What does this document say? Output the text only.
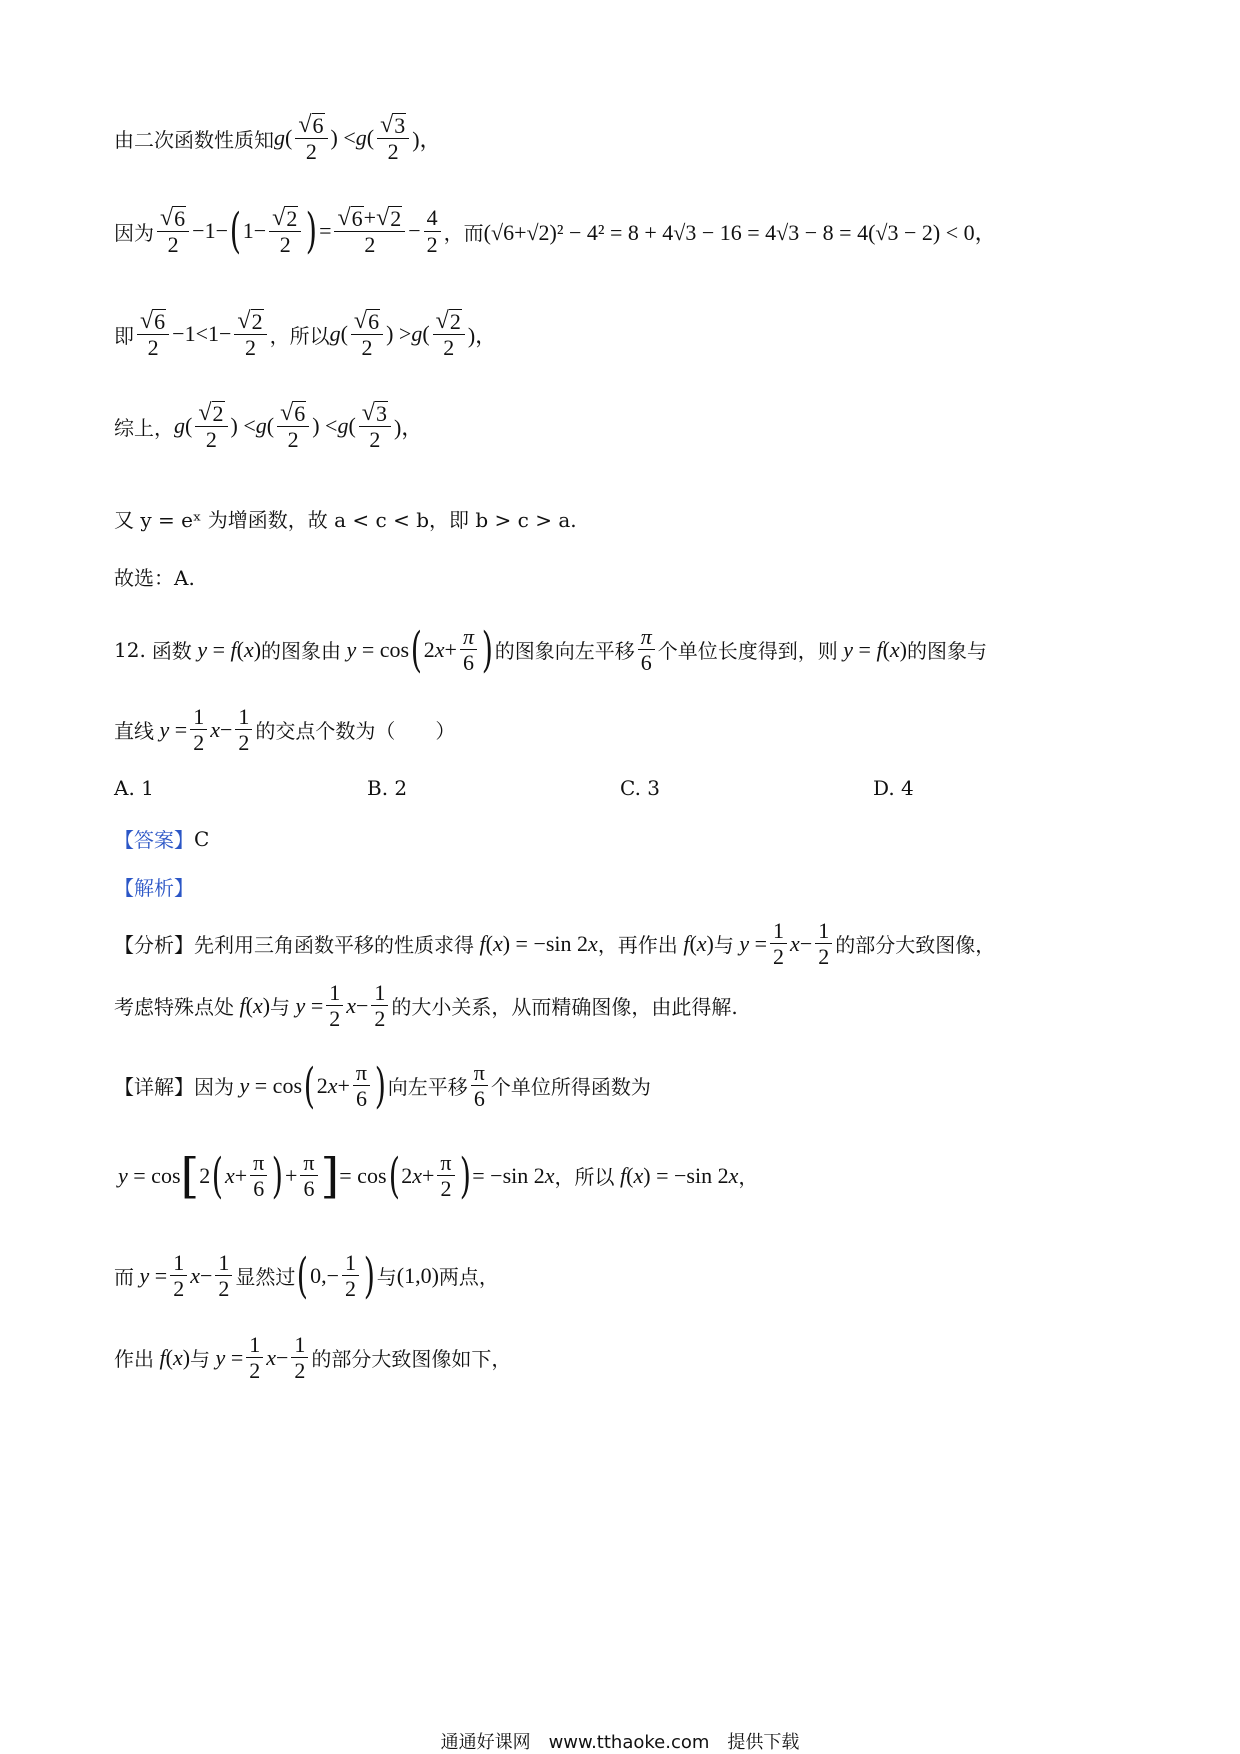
由二次函数性质知 g ( $\frac{√ 6}{2}$ ) < g ( $\frac{√ 3}{2}$ )，
因为 $\frac{√ 6}{2} -1-$ ( $1- \frac{√ 2}{2}$ ) = $\frac{√ 6 + √ 2}{2} - \frac{4}{2}$ ，而 (√6+√2)² − 4² = 8 + 4√3 − 16 = 4√3 − 8 = 4(√3 − 2) < 0，
即 $\frac{√ 6}{2} -1<1- \frac{√ 2}{2}$ ，所以 g ( $\frac{√ 6}{2}$ ) > g ( $\frac{√ 2}{2}$ )，
综上， g ( $\frac{√ 2}{2}$ ) < g ( $\frac{√ 6}{2}$ ) < g ( $\frac{√ 3}{2}$ )，
又 y = eˣ 为增函数，故 a < c < b，即 b > c > a.
故选：A.
12. 函数 y = f ( x ) 的图象由 y = cos ( 2 $x + \frac{\pi}{6}$ ) 的图象向左平移 $\frac{\pi}{6}$ 个单位长度得到，则 y = f ( x ) 的图象与
直线 $y = \frac{1}{2}$ $x - \frac{1}{2}$ 的交点个数为（　　）
A. 1	B. 2	C. 3	D. 4
【答案】 C
【解析】
【分析】 先利用三角函数平移的性质求得 f ( x ) = −sin 2 x ，再作出 f ( x ) 与 $y = \frac{1}{2}$ $x - \frac{1}{2}$ 的部分大致图像，
考虑特殊点处 f ( x ) 与 $y = \frac{1}{2}$ $x - \frac{1}{2}$ 的大小关系，从而精确图像，由此得解.
【详解】 因为 y = cos ( 2 $x + \frac{\pi}{6}$ ) 向左平移 $\frac{\pi}{6}$ 个单位所得函数为
y = cos [ 2 ( $x + \frac{\pi}{6}$ ) + $\frac{\pi}{6}$ ] = cos ( 2 $x + \frac{\pi}{2}$ ) = −sin 2 x ，所以 f ( x ) = −sin 2 x ，
而 $y = \frac{1}{2}$ $x - \frac{1}{2}$ 显然过 ( $0,- \frac{1}{2}$ ) 与 (1,0) 两点，
作出 f ( x ) 与 $y = \frac{1}{2}$ $x - \frac{1}{2}$ 的部分大致图像如下，
通通好课网　www.tthaoke.com　提供下载
